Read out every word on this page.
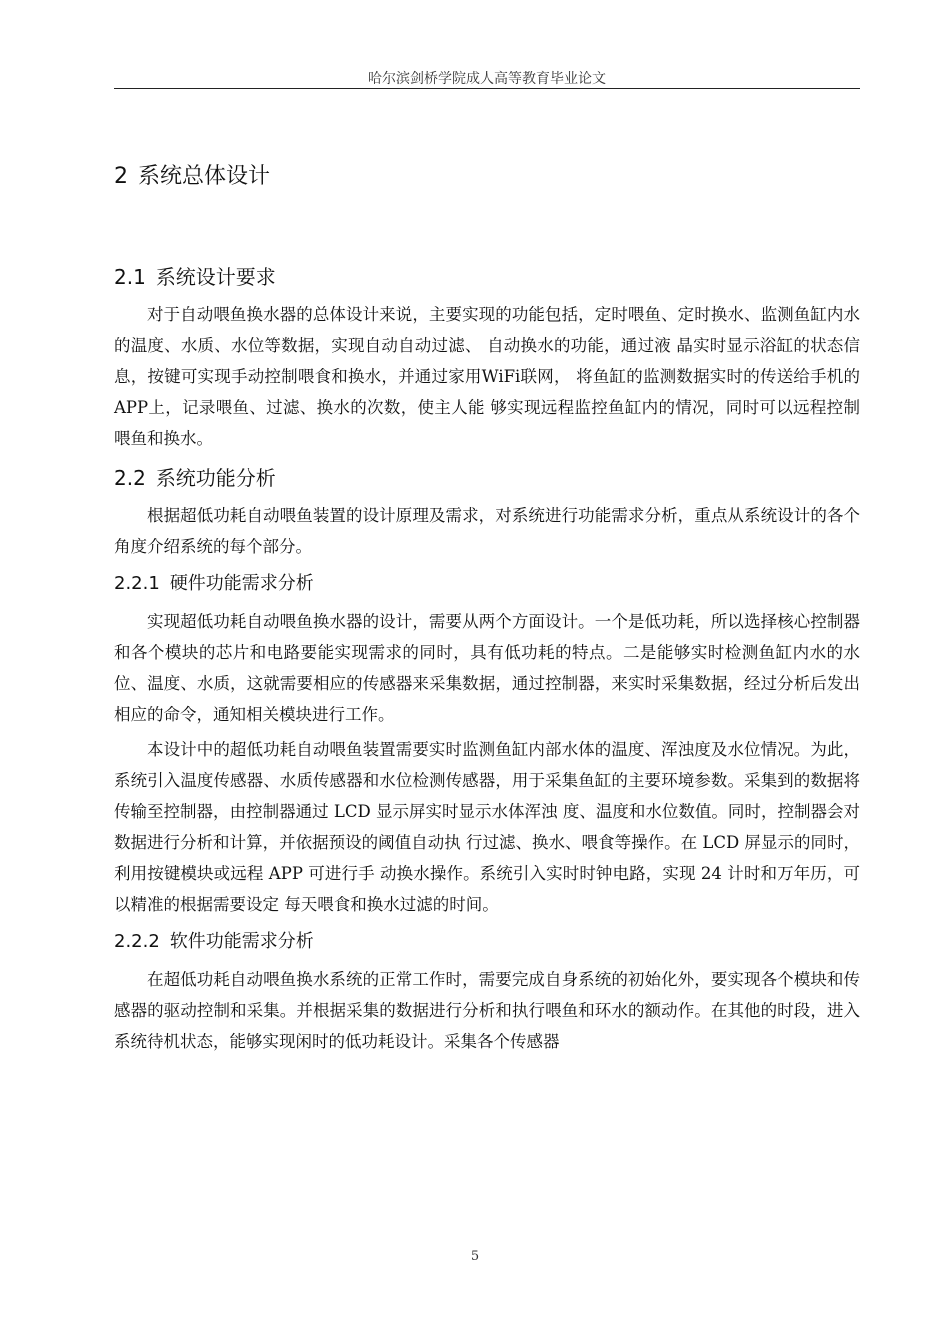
哈尔滨剑桥学院成人高等教育毕业论文
2 系统总体设计
2.1 系统设计要求

对于自动喂鱼换水器的总体设计来说，主要实现的功能包括，定时喂鱼、定时换水、监测鱼缸内水的温度、水质、水位等数据，实现自动自动过滤、 自动换水的功能，通过液 晶实时显示浴缸的状态信息，按键可实现手动控制喂食和换水，并通过家用WiFi联网， 将鱼缸的监测数据实时的传送给手机的APP上，记录喂鱼、过滤、换水的次数，使主人能 够实现远程监控鱼缸内的情况，同时可以远程控制喂鱼和换水。

2.2 系统功能分析

根据超低功耗自动喂鱼装置的设计原理及需求，对系统进行功能需求分析，重点从系统设计的各个角度介绍系统的每个部分。

2.2.1 硬件功能需求分析

实现超低功耗自动喂鱼换水器的设计，需要从两个方面设计。一个是低功耗，所以选择核心控制器和各个模块的芯片和电路要能实现需求的同时，具有低功耗的特点。二是能够实时检测鱼缸内水的水位、温度、水质，这就需要相应的传感器来采集数据，通过控制器，来实时采集数据，经过分析后发出相应的命令，通知相关模块进行工作。

本设计中的超低功耗自动喂鱼装置需要实时监测鱼缸内部水体的温度、浑浊度及水位情况。为此，系统引入温度传感器、水质传感器和水位检测传感器，用于采集鱼缸的主要环境参数。采集到的数据将传输至控制器，由控制器通过 LCD 显示屏实时显示水体浑浊 度、温度和水位数值。同时，控制器会对数据进行分析和计算，并依据预设的阈值自动执 行过滤、换水、喂食等操作。在 LCD 屏显示的同时，利用按键模块或远程 APP 可进行手 动换水操作。系统引入实时时钟电路，实现 24 计时和万年历，可以精准的根据需要设定 每天喂食和换水过滤的时间。

2.2.2 软件功能需求分析

在超低功耗自动喂鱼换水系统的正常工作时，需要完成自身系统的初始化外，要实现各个模块和传感器的驱动控制和采集。并根据采集的数据进行分析和执行喂鱼和环水的额动作。在其他的时段，进入系统待机状态，能够实现闲时的低功耗设计。采集各个传感器

5
